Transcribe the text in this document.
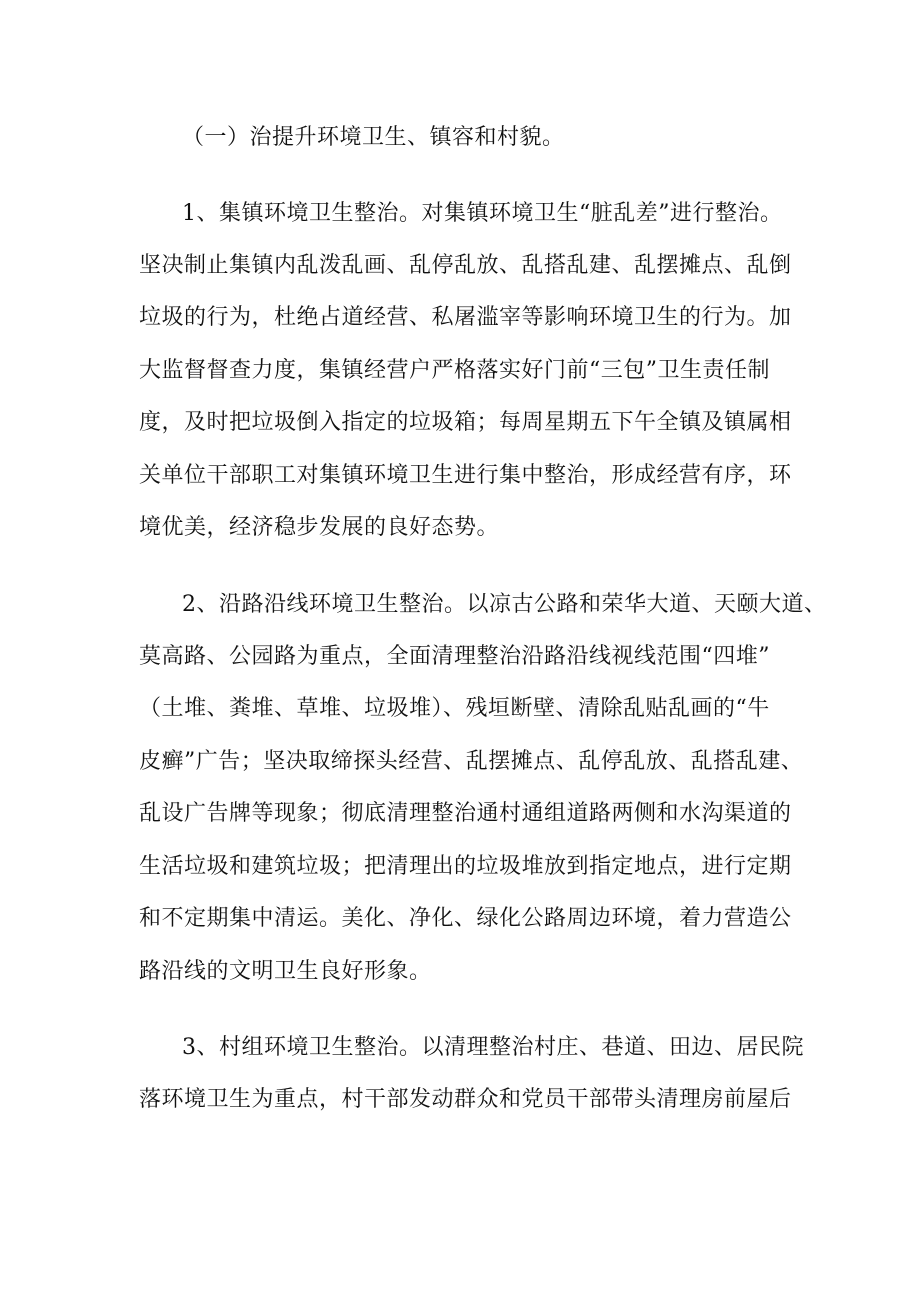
（一）治提升环境卫生、镇容和村貌。
1、集镇环境卫生整治。对集镇环境卫生“脏乱差”进行整治。
坚决制止集镇内乱泼乱画、乱停乱放、乱搭乱建、乱摆摊点、乱倒
垃圾的行为，杜绝占道经营、私屠滥宰等影响环境卫生的行为。加
大监督督查力度，集镇经营户严格落实好门前“三包”卫生责任制
度，及时把垃圾倒入指定的垃圾箱；每周星期五下午全镇及镇属相
关单位干部职工对集镇环境卫生进行集中整治，形成经营有序，环
境优美，经济稳步发展的良好态势。
2、沿路沿线环境卫生整治。以凉古公路和荣华大道、天颐大道、
莫高路、公园路为重点，全面清理整治沿路沿线视线范围“四堆”
（土堆、粪堆、草堆、垃圾堆）、残垣断壁、清除乱贴乱画的“牛
皮癣”广告；坚决取缔探头经营、乱摆摊点、乱停乱放、乱搭乱建、
乱设广告牌等现象；彻底清理整治通村通组道路两侧和水沟渠道的
生活垃圾和建筑垃圾；把清理出的垃圾堆放到指定地点，进行定期
和不定期集中清运。美化、净化、绿化公路周边环境，着力营造公
路沿线的文明卫生良好形象。
3、村组环境卫生整治。以清理整治村庄、巷道、田边、居民院
落环境卫生为重点，村干部发动群众和党员干部带头清理房前屋后
